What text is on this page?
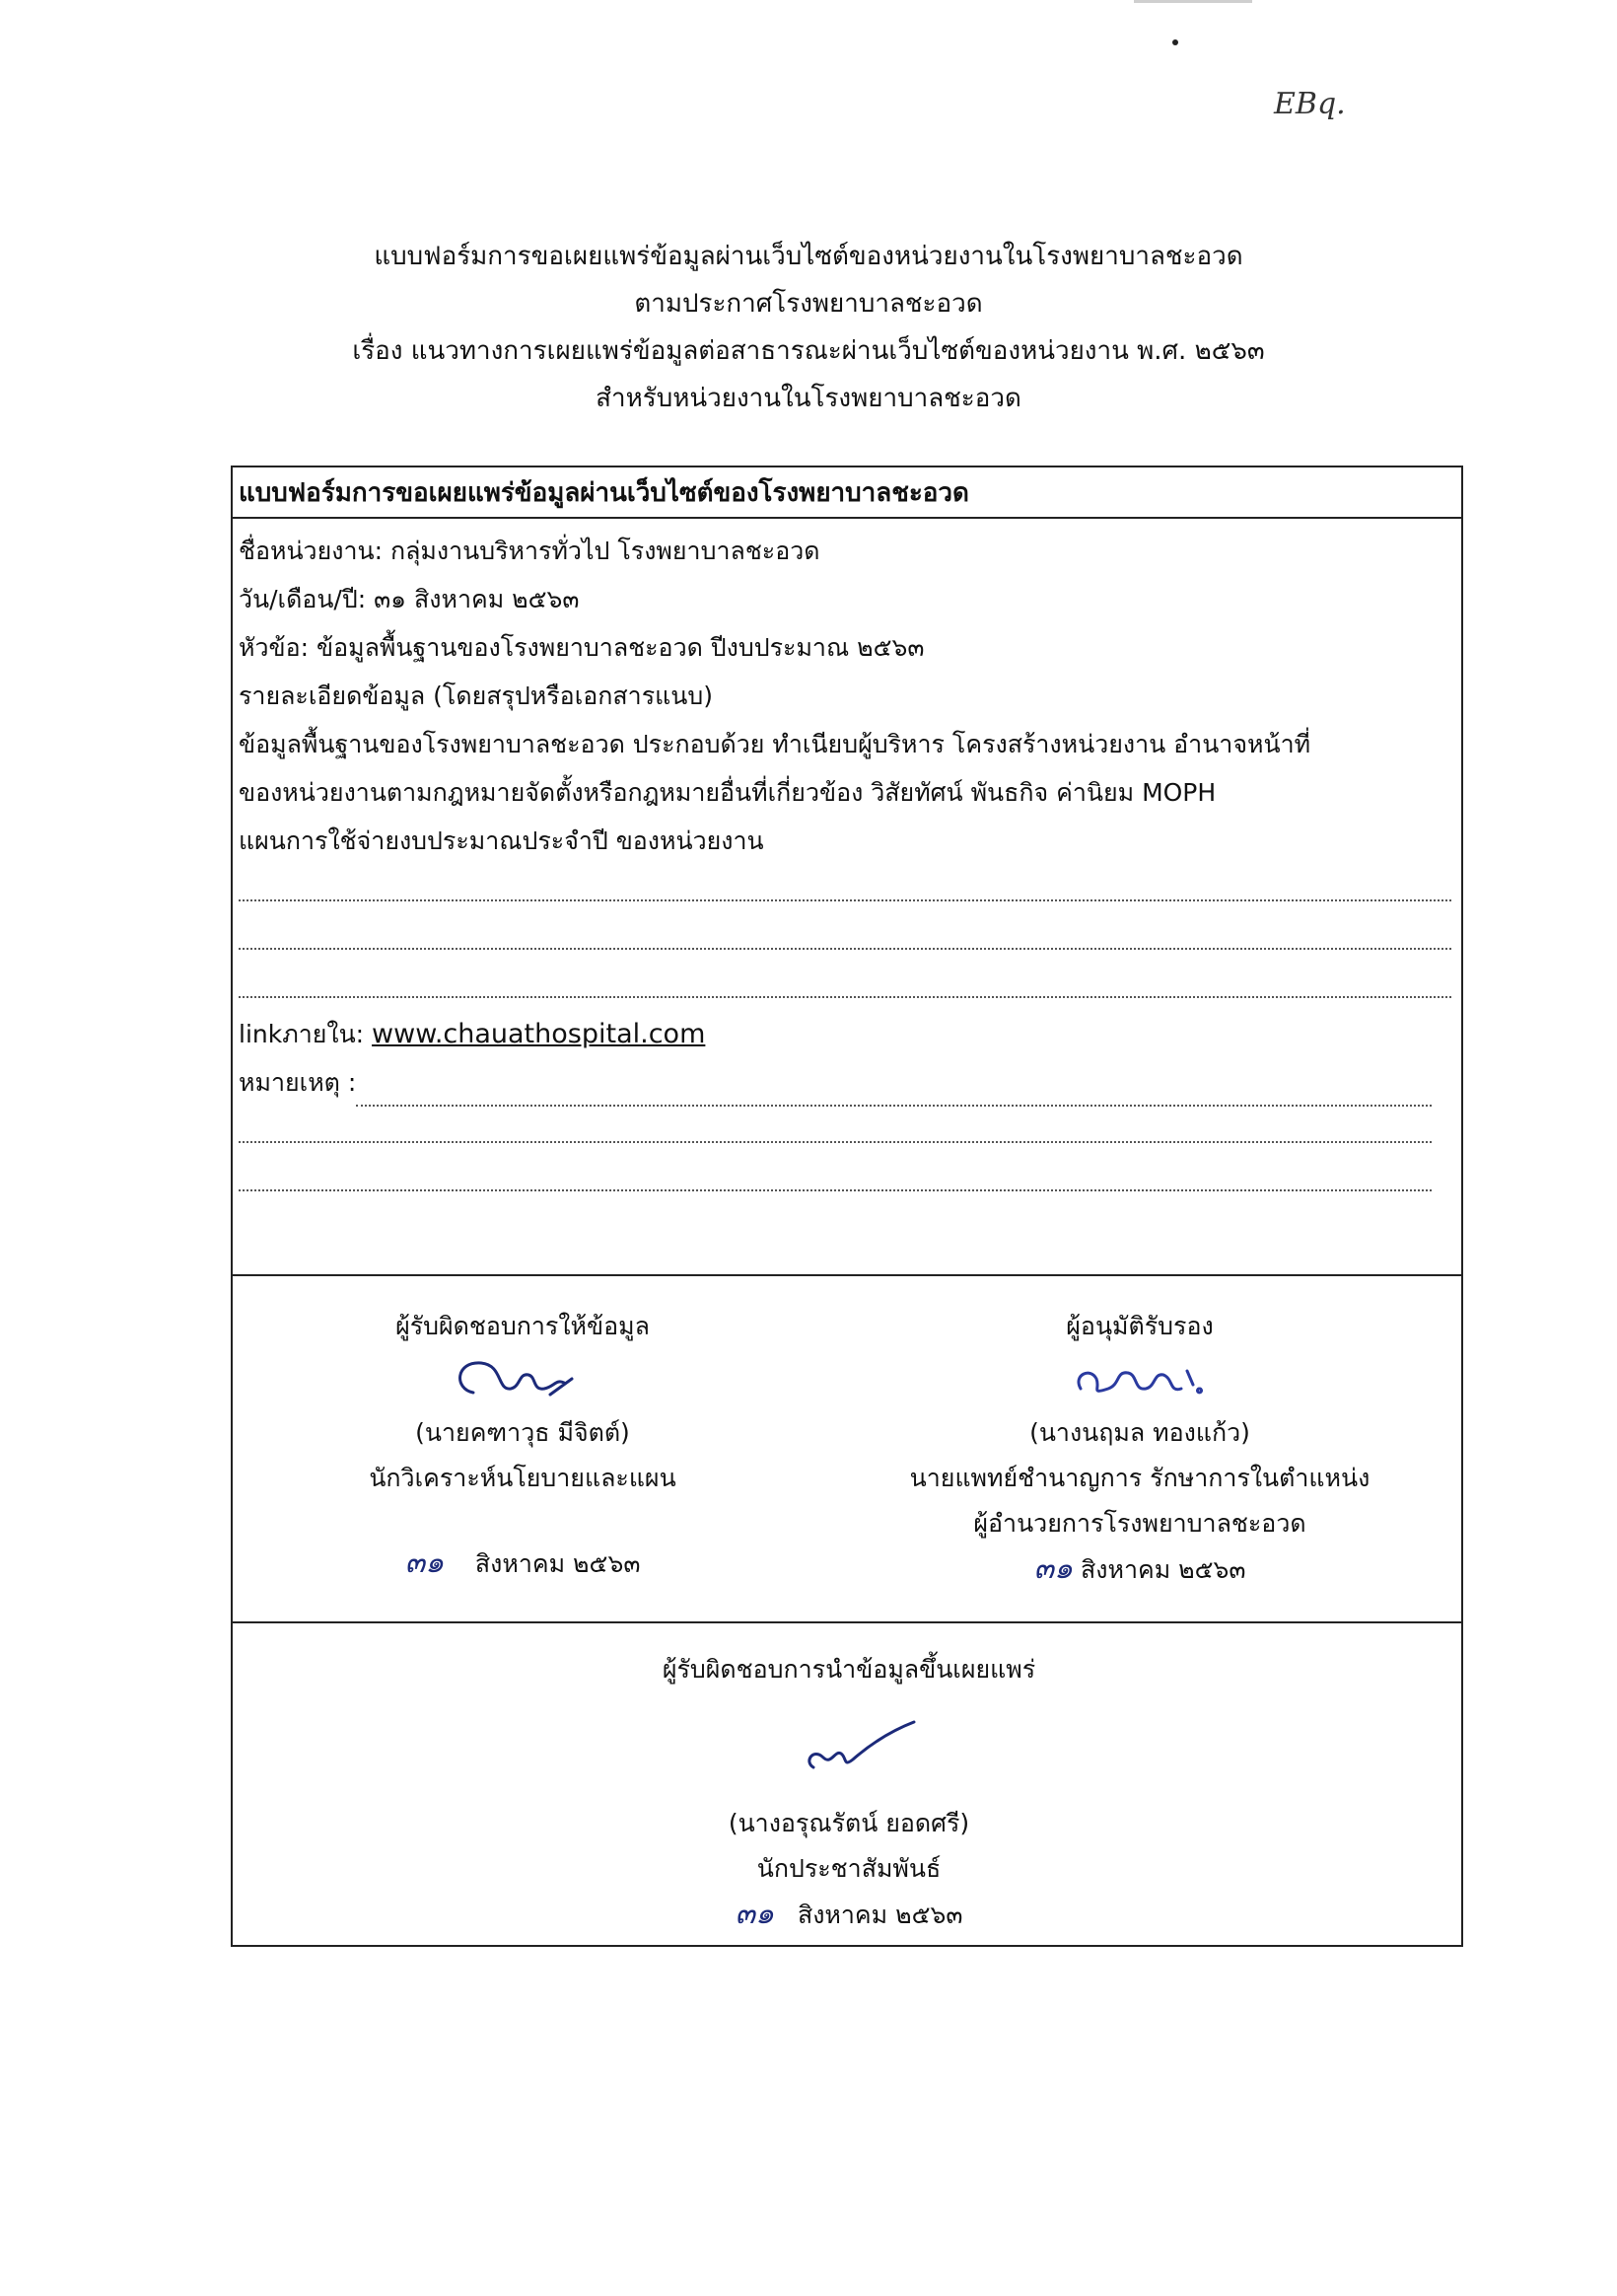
EBq.
แบบฟอร์มการขอเผยแพร่ข้อมูลผ่านเว็บไซต์ของหน่วยงานในโรงพยาบาลชะอวด
ตามประกาศโรงพยาบาลชะอวด
เรื่อง แนวทางการเผยแพร่ข้อมูลต่อสาธารณะผ่านเว็บไซต์ของหน่วยงาน พ.ศ. ๒๕๖๓
สำหรับหน่วยงานในโรงพยาบาลชะอวด
แบบฟอร์มการขอเผยแพร่ข้อมูลผ่านเว็บไซต์ของโรงพยาบาลชะอวด
ชื่อหน่วยงาน: กลุ่มงานบริหารทั่วไป โรงพยาบาลชะอวด
วัน/เดือน/ปี: ๓๑ สิงหาคม ๒๕๖๓
หัวข้อ: ข้อมูลพื้นฐานของโรงพยาบาลชะอวด ปีงบประมาณ ๒๕๖๓
รายละเอียดข้อมูล (โดยสรุปหรือเอกสารแนบ)
ข้อมูลพื้นฐานของโรงพยาบาลชะอวด ประกอบด้วย ทำเนียบผู้บริหาร โครงสร้างหน่วยงาน อำนาจหน้าที่
ของหน่วยงานตามกฎหมายจัดตั้งหรือกฎหมายอื่นที่เกี่ยวข้อง วิสัยทัศน์ พันธกิจ ค่านิยม MOPH
แผนการใช้จ่ายงบประมาณประจำปี ของหน่วยงาน
linkภายใน: www.chauathospital.com
หมายเหตุ :
ผู้รับผิดชอบการให้ข้อมูล
(นายคฑาวุธ มีจิตต์)
นักวิเคราะห์นโยบายและแผน
๓๑ สิงหาคม ๒๕๖๓
ผู้อนุมัติรับรอง
(นางนฤมล ทองแก้ว)
นายแพทย์ชำนาญการ รักษาการในตำแหน่ง
ผู้อำนวยการโรงพยาบาลชะอวด
๓๑ สิงหาคม ๒๕๖๓
ผู้รับผิดชอบการนำข้อมูลขึ้นเผยแพร่
(นางอรุณรัตน์ ยอดศรี)
นักประชาสัมพันธ์
๓๑ สิงหาคม ๒๕๖๓
